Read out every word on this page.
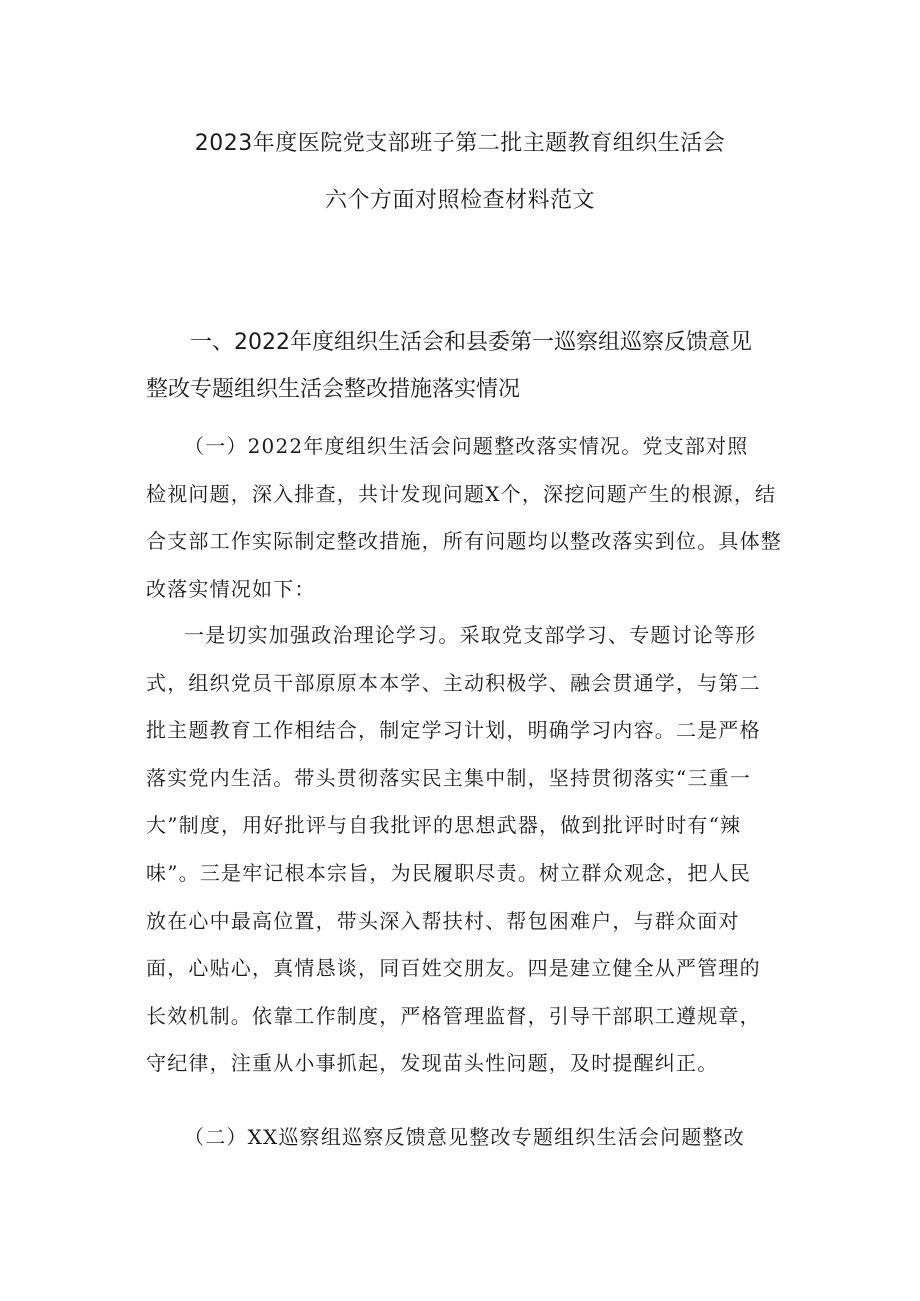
2023年度医院党支部班子第二批主题教育组织生活会
六个方面对照检查材料范文
一、2022年度组织生活会和县委第一巡察组巡察反馈意见
整改专题组织生活会整改措施落实情况
（一）2022年度组织生活会问题整改落实情况。党支部对照
检视问题，深入排查，共计发现问题X个，深挖问题产生的根源，结
合支部工作实际制定整改措施，所有问题均以整改落实到位。具体整
改落实情况如下：
一是切实加强政治理论学习。采取党支部学习、专题讨论等形
式，组织党员干部原原本本学、主动积极学、融会贯通学，与第二
批主题教育工作相结合，制定学习计划，明确学习内容。二是严格
落实党内生活。带头贯彻落实民主集中制，坚持贯彻落实“三重一
大”制度，用好批评与自我批评的思想武器，做到批评时时有“辣
味”。三是牢记根本宗旨，为民履职尽责。树立群众观念，把人民
放在心中最高位置，带头深入帮扶村、帮包困难户，与群众面对
面，心贴心，真情恳谈，同百姓交朋友。四是建立健全从严管理的
长效机制。依靠工作制度，严格管理监督，引导干部职工遵规章，
守纪律，注重从小事抓起，发现苗头性问题，及时提醒纠正。
（二）XX巡察组巡察反馈意见整改专题组织生活会问题整改
